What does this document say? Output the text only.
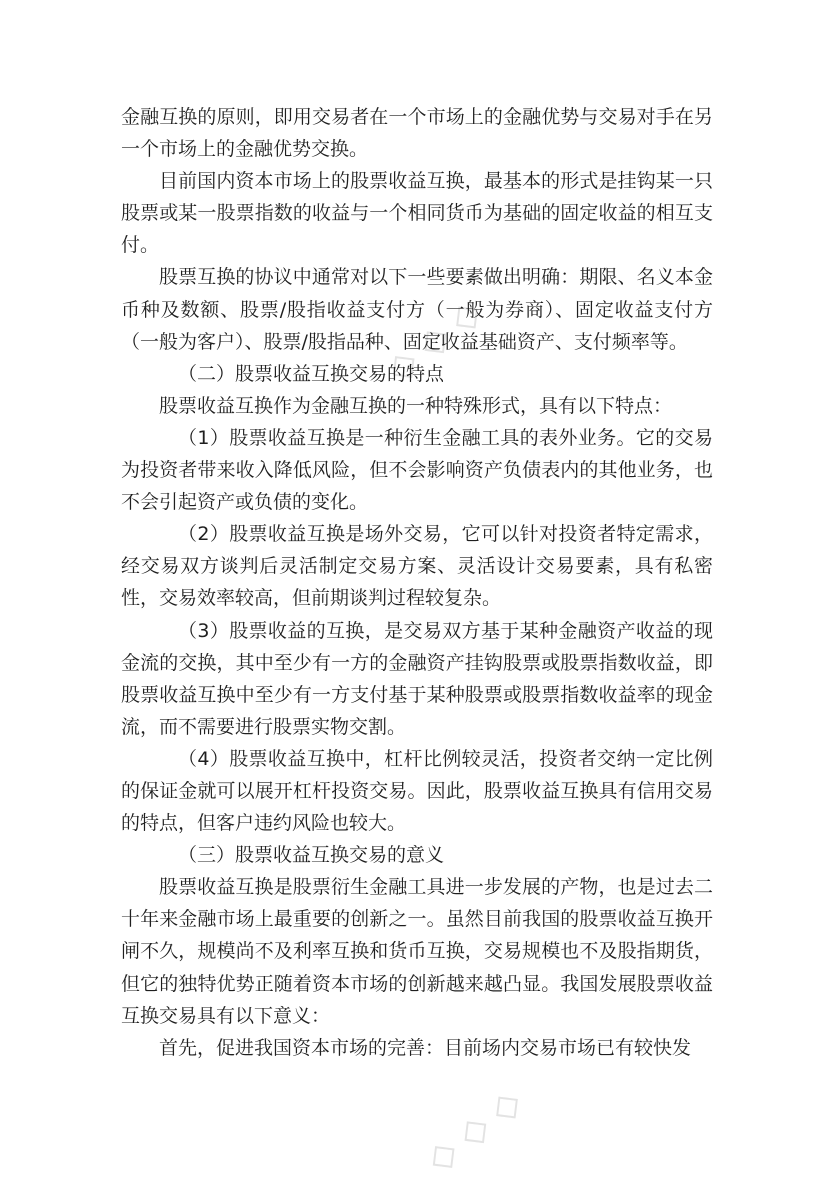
◇ ◇ ◇
◇ ◇ ◇

金融互换的原则，即用交易者在一个市场上的金融优势与交易对手在另一个市场上的金融优势交换。

目前国内资本市场上的股票收益互换，最基本的形式是挂钩某一只股票或某一股票指数的收益与一个相同货币为基础的固定收益的相互支付。

股票互换的协议中通常对以下一些要素做出明确：期限、名义本金币种及数额、股票/股指收益支付方（一般为券商）、固定收益支付方（一般为客户）、股票/股指品种、固定收益基础资产、支付频率等。

（二）股票收益互换交易的特点

股票收益互换作为金融互换的一种特殊形式，具有以下特点：

（1）股票收益互换是一种衍生金融工具的表外业务。它的交易为投资者带来收入降低风险，但不会影响资产负债表内的其他业务，也不会引起资产或负债的变化。

（2）股票收益互换是场外交易，它可以针对投资者特定需求，经交易双方谈判后灵活制定交易方案、灵活设计交易要素，具有私密性，交易效率较高，但前期谈判过程较复杂。

（3）股票收益的互换，是交易双方基于某种金融资产收益的现金流的交换，其中至少有一方的金融资产挂钩股票或股票指数收益，即股票收益互换中至少有一方支付基于某种股票或股票指数收益率的现金流，而不需要进行股票实物交割。

（4）股票收益互换中，杠杆比例较灵活，投资者交纳一定比例的保证金就可以展开杠杆投资交易。因此，股票收益互换具有信用交易的特点，但客户违约风险也较大。

（三）股票收益互换交易的意义

股票收益互换是股票衍生金融工具进一步发展的产物，也是过去二十年来金融市场上最重要的创新之一。虽然目前我国的股票收益互换开闸不久，规模尚不及利率互换和货币互换，交易规模也不及股指期货，但它的独特优势正随着资本市场的创新越来越凸显。我国发展股票收益互换交易具有以下意义：

首先，促进我国资本市场的完善：目前场内交易市场已有较快发
